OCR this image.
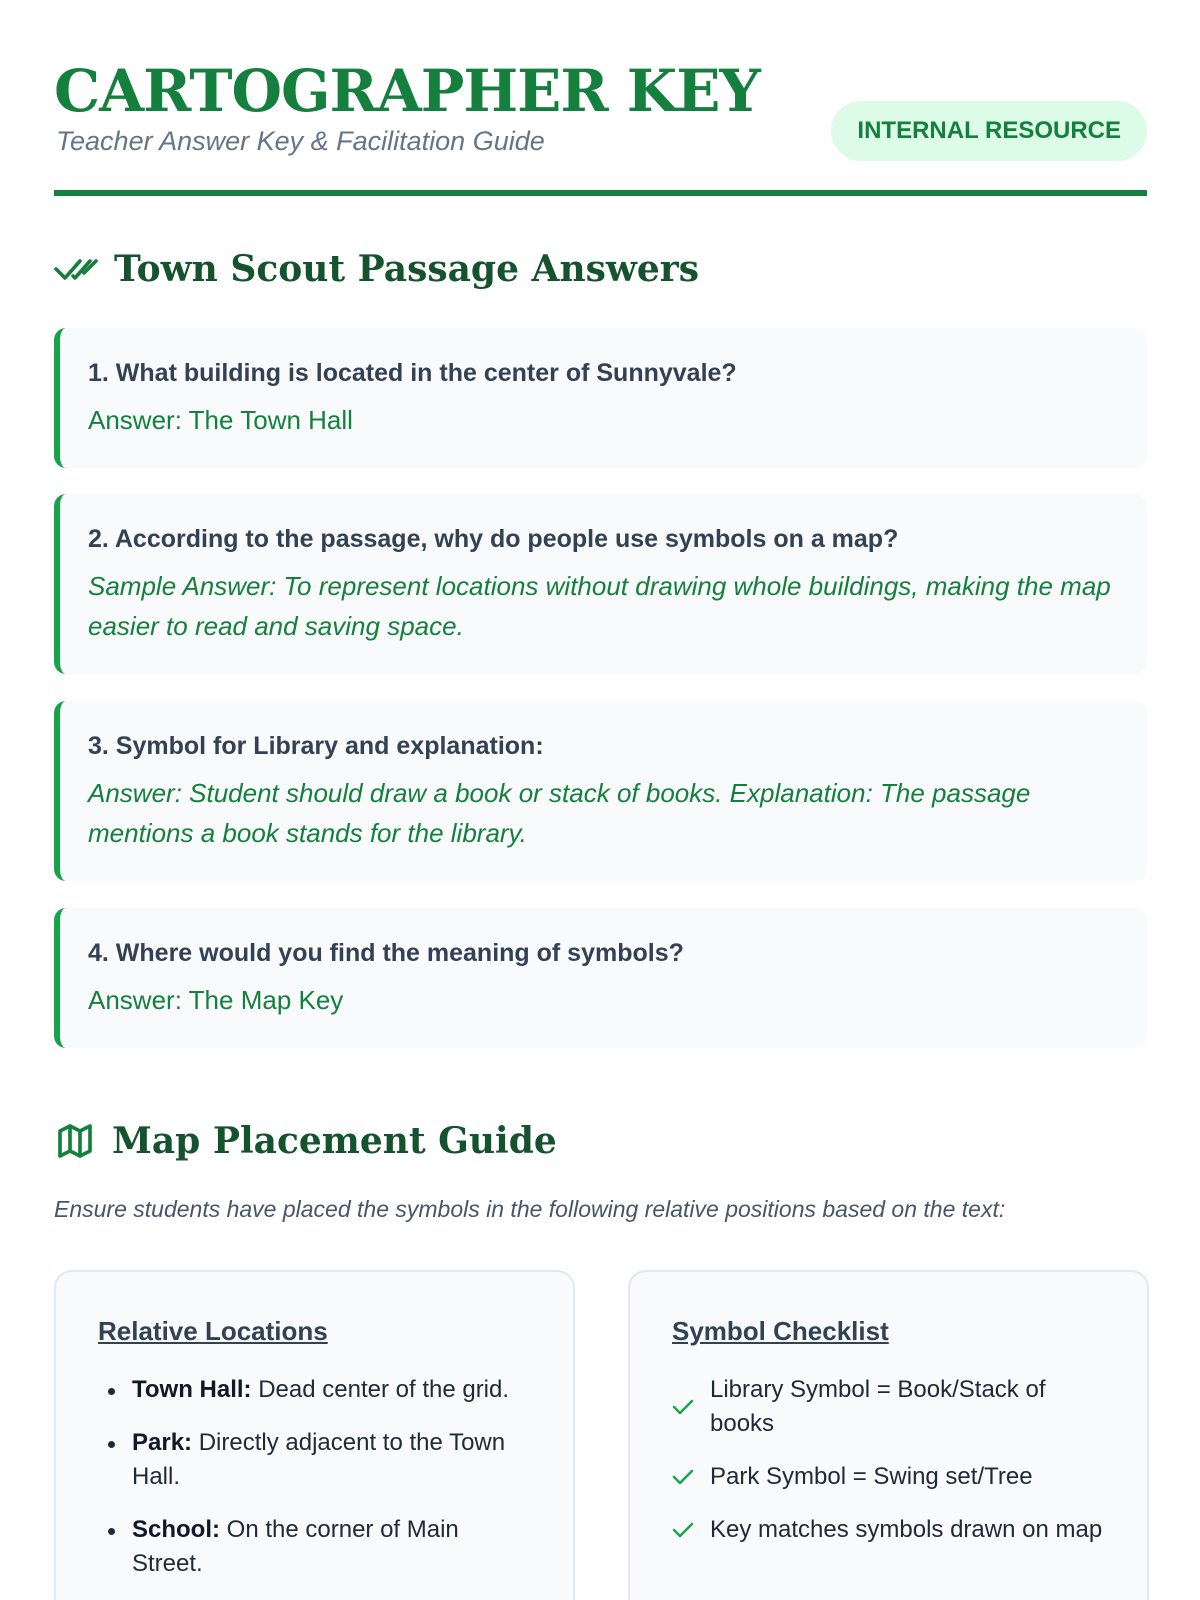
CARTOGRAPHER KEY
Teacher Answer Key & Facilitation Guide	INTERNAL RESOURCE
Town Scout Passage Answers
1. What building is located in the center of Sunnyvale?
Answer: The Town Hall
2. According to the passage, why do people use symbols on a map?
Sample Answer: To represent locations without drawing whole buildings, making the map easier to read and saving space.
3. Symbol for Library and explanation:
Answer: Student should draw a book or stack of books. Explanation: The passage mentions a book stands for the library.
4. Where would you find the meaning of symbols?
Answer: The Map Key
Map Placement Guide
Ensure students have placed the symbols in the following relative positions based on the text:
Relative Locations
Town Hall: Dead center of the grid.
Park: Directly adjacent to the Town Hall.
School: On the corner of Main Street.
Symbol Checklist
Library Symbol = Book/Stack of books
Park Symbol = Swing set/Tree
Key matches symbols drawn on map
